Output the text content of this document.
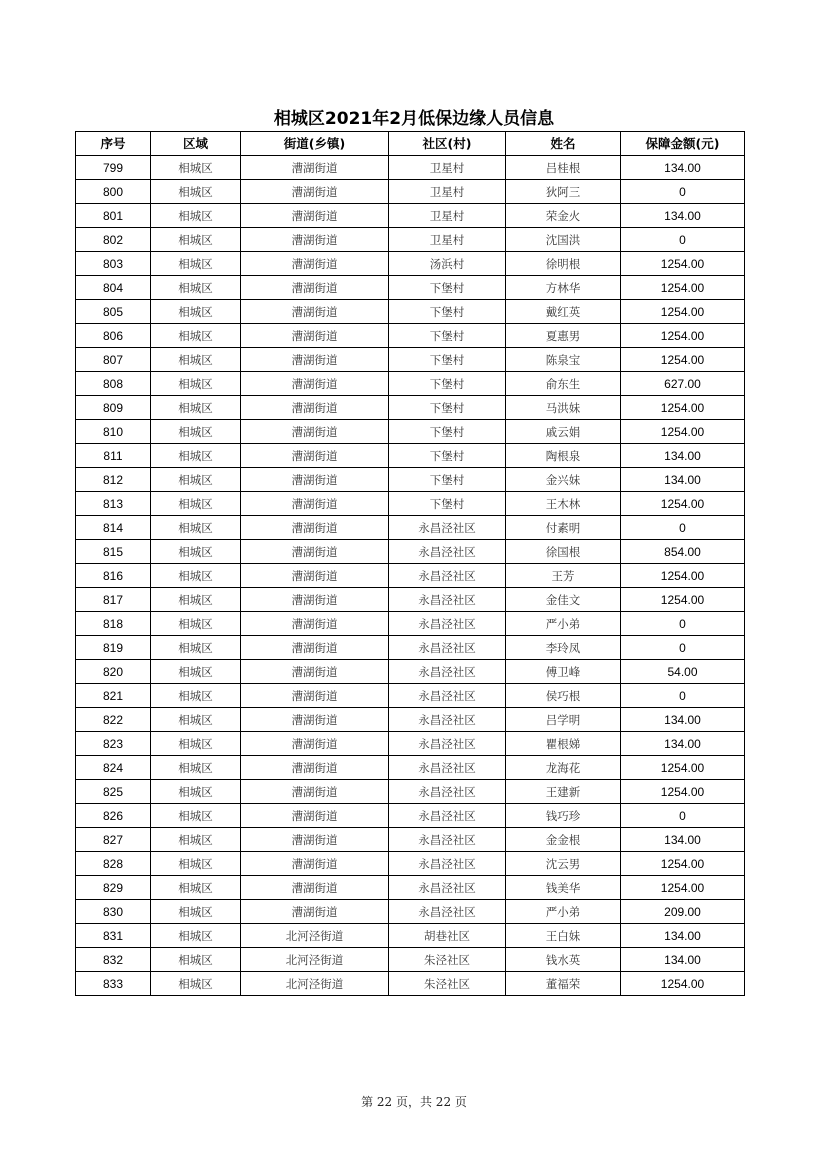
相城区2021年2月低保边缘人员信息
序号	区域	街道(乡镇)	社区(村)	姓名	保障金额(元)
799	相城区	漕湖街道	卫星村	吕桂根	134.00
800	相城区	漕湖街道	卫星村	狄阿三	0
801	相城区	漕湖街道	卫星村	荣金火	134.00
802	相城区	漕湖街道	卫星村	沈国洪	0
803	相城区	漕湖街道	汤浜村	徐明根	1254.00
804	相城区	漕湖街道	下堡村	方林华	1254.00
805	相城区	漕湖街道	下堡村	戴红英	1254.00
806	相城区	漕湖街道	下堡村	夏惠男	1254.00
807	相城区	漕湖街道	下堡村	陈泉宝	1254.00
808	相城区	漕湖街道	下堡村	俞东生	627.00
809	相城区	漕湖街道	下堡村	马洪妹	1254.00
810	相城区	漕湖街道	下堡村	戚云娟	1254.00
811	相城区	漕湖街道	下堡村	陶根泉	134.00
812	相城区	漕湖街道	下堡村	金兴妹	134.00
813	相城区	漕湖街道	下堡村	王木林	1254.00
814	相城区	漕湖街道	永昌泾社区	付素明	0
815	相城区	漕湖街道	永昌泾社区	徐国根	854.00
816	相城区	漕湖街道	永昌泾社区	王芳	1254.00
817	相城区	漕湖街道	永昌泾社区	金佳文	1254.00
818	相城区	漕湖街道	永昌泾社区	严小弟	0
819	相城区	漕湖街道	永昌泾社区	李玲凤	0
820	相城区	漕湖街道	永昌泾社区	傅卫峰	54.00
821	相城区	漕湖街道	永昌泾社区	侯巧根	0
822	相城区	漕湖街道	永昌泾社区	吕学明	134.00
823	相城区	漕湖街道	永昌泾社区	瞿根娣	134.00
824	相城区	漕湖街道	永昌泾社区	龙海花	1254.00
825	相城区	漕湖街道	永昌泾社区	王建新	1254.00
826	相城区	漕湖街道	永昌泾社区	钱巧珍	0
827	相城区	漕湖街道	永昌泾社区	金金根	134.00
828	相城区	漕湖街道	永昌泾社区	沈云男	1254.00
829	相城区	漕湖街道	永昌泾社区	钱美华	1254.00
830	相城区	漕湖街道	永昌泾社区	严小弟	209.00
831	相城区	北河泾街道	胡巷社区	王白妹	134.00
832	相城区	北河泾街道	朱泾社区	钱水英	134.00
833	相城区	北河泾街道	朱泾社区	董福荣	1254.00
第 22 页，共 22 页
